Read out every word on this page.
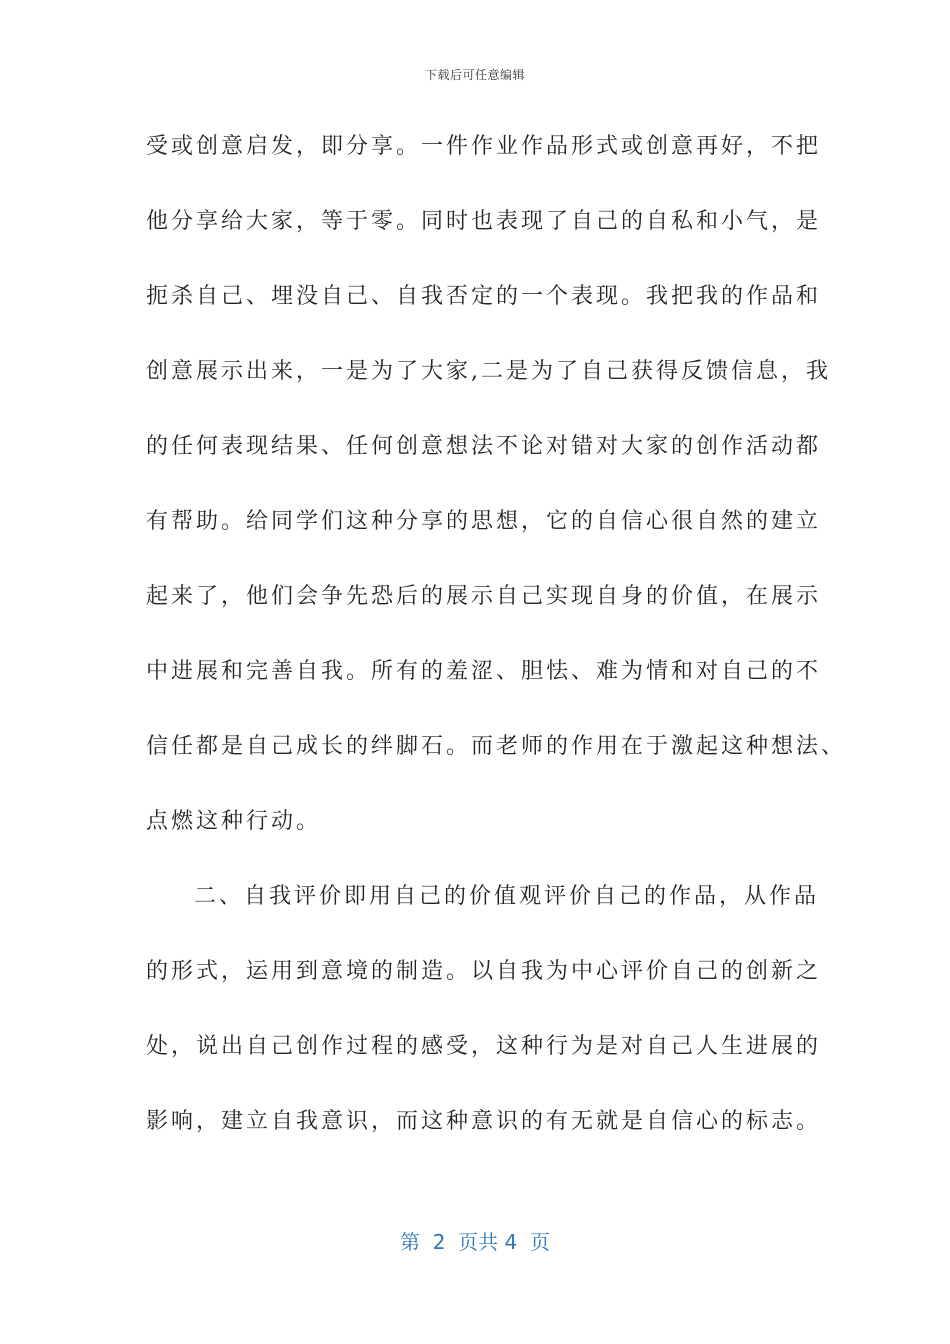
下载后可任意编辑
受或创意启发，即分享。一件作业作品形式或创意再好，不把
他分享给大家，等于零。同时也表现了自己的自私和小气，是
扼杀自己、埋没自己、自我否定的一个表现。我把我的作品和
创意展示出来，一是为了大家,二是为了自己获得反馈信息，我
的任何表现结果、任何创意想法不论对错对大家的创作活动都
有帮助。给同学们这种分享的思想，它的自信心很自然的建立
起来了，他们会争先恐后的展示自己实现自身的价值，在展示
中进展和完善自我。所有的羞涩、胆怯、难为情和对自己的不
信任都是自己成长的绊脚石。而老师的作用在于激起这种想法、
点燃这种行动。
二、自我评价即用自己的价值观评价自己的作品，从作品
的形式，运用到意境的制造。以自我为中心评价自己的创新之
处，说出自己创作过程的感受，这种行为是对自己人生进展的
影响，建立自我意识，而这种意识的有无就是自信心的标志。
第  2  页共 4  页
